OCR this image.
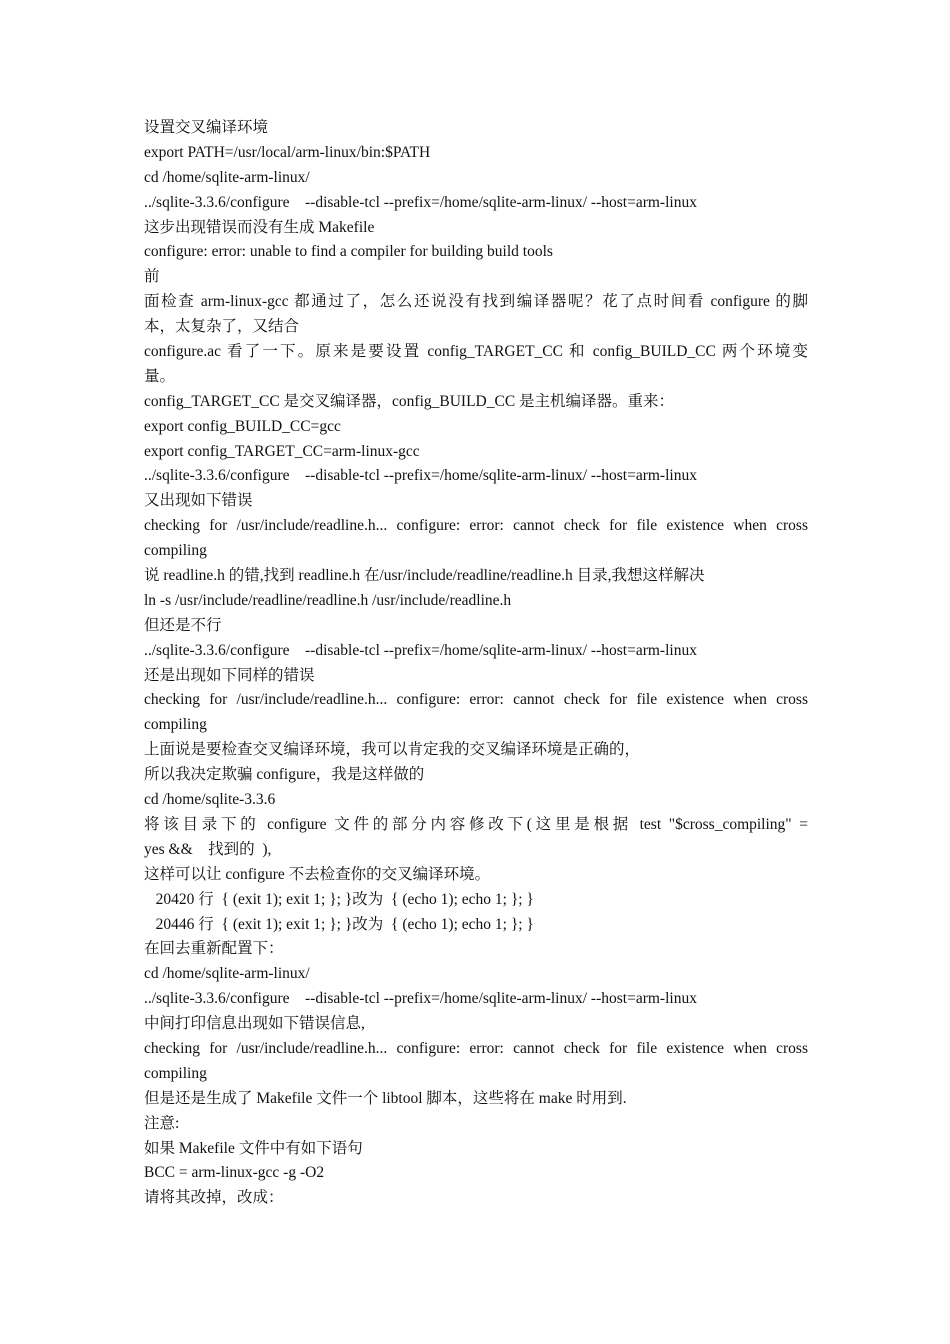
设置交叉编译环境
export PATH=/usr/local/arm-linux/bin:$PATH
cd /home/sqlite-arm-linux/
../sqlite-3.3.6/configure    --disable-tcl --prefix=/home/sqlite-arm-linux/ --host=arm-linux
这步出现错误而没有生成 Makefile
configure: error: unable to find a compiler for building build tools
前
面检查 arm-linux-gcc 都通过了，怎么还说没有找到编译器呢？花了点时间看 configure 的脚
本，太复杂了，又结合
configure.ac 看了一下。原来是要设置 config_TARGET_CC 和 config_BUILD_CC 两个环境变
量。
config_TARGET_CC 是交叉编译器，config_BUILD_CC 是主机编译器。重来：
export config_BUILD_CC=gcc
export config_TARGET_CC=arm-linux-gcc
../sqlite-3.3.6/configure    --disable-tcl --prefix=/home/sqlite-arm-linux/ --host=arm-linux
又出现如下错误
checking for /usr/include/readline.h... configure: error: cannot check for file existence when cross
compiling
说 readline.h 的错,找到 readline.h 在/usr/include/readline/readline.h 目录,我想这样解决
ln -s /usr/include/readline/readline.h /usr/include/readline.h
但还是不行
../sqlite-3.3.6/configure    --disable-tcl --prefix=/home/sqlite-arm-linux/ --host=arm-linux
还是出现如下同样的错误
checking for /usr/include/readline.h... configure: error: cannot check for file existence when cross
compiling
上面说是要检查交叉编译环境，我可以肯定我的交叉编译环境是正确的，
所以我决定欺骗 configure，我是这样做的
cd /home/sqlite-3.3.6
将该目录下的 configure 文件的部分内容修改下(这里是根据 test "$cross_compiling" =
yes &&    找到的  ),
这样可以让 configure 不去检查你的交叉编译环境。
20420 行  { (exit 1); exit 1; }; }改为  { (echo 1); echo 1; }; }
20446 行  { (exit 1); exit 1; }; }改为  { (echo 1); echo 1; }; }
在回去重新配置下：
cd /home/sqlite-arm-linux/
../sqlite-3.3.6/configure    --disable-tcl --prefix=/home/sqlite-arm-linux/ --host=arm-linux
中间打印信息出现如下错误信息,
checking for /usr/include/readline.h... configure: error: cannot check for file existence when cross
compiling
但是还是生成了 Makefile 文件一个 libtool 脚本，这些将在 make 时用到.
注意:
如果 Makefile 文件中有如下语句
BCC = arm-linux-gcc -g -O2
请将其改掉，改成：
